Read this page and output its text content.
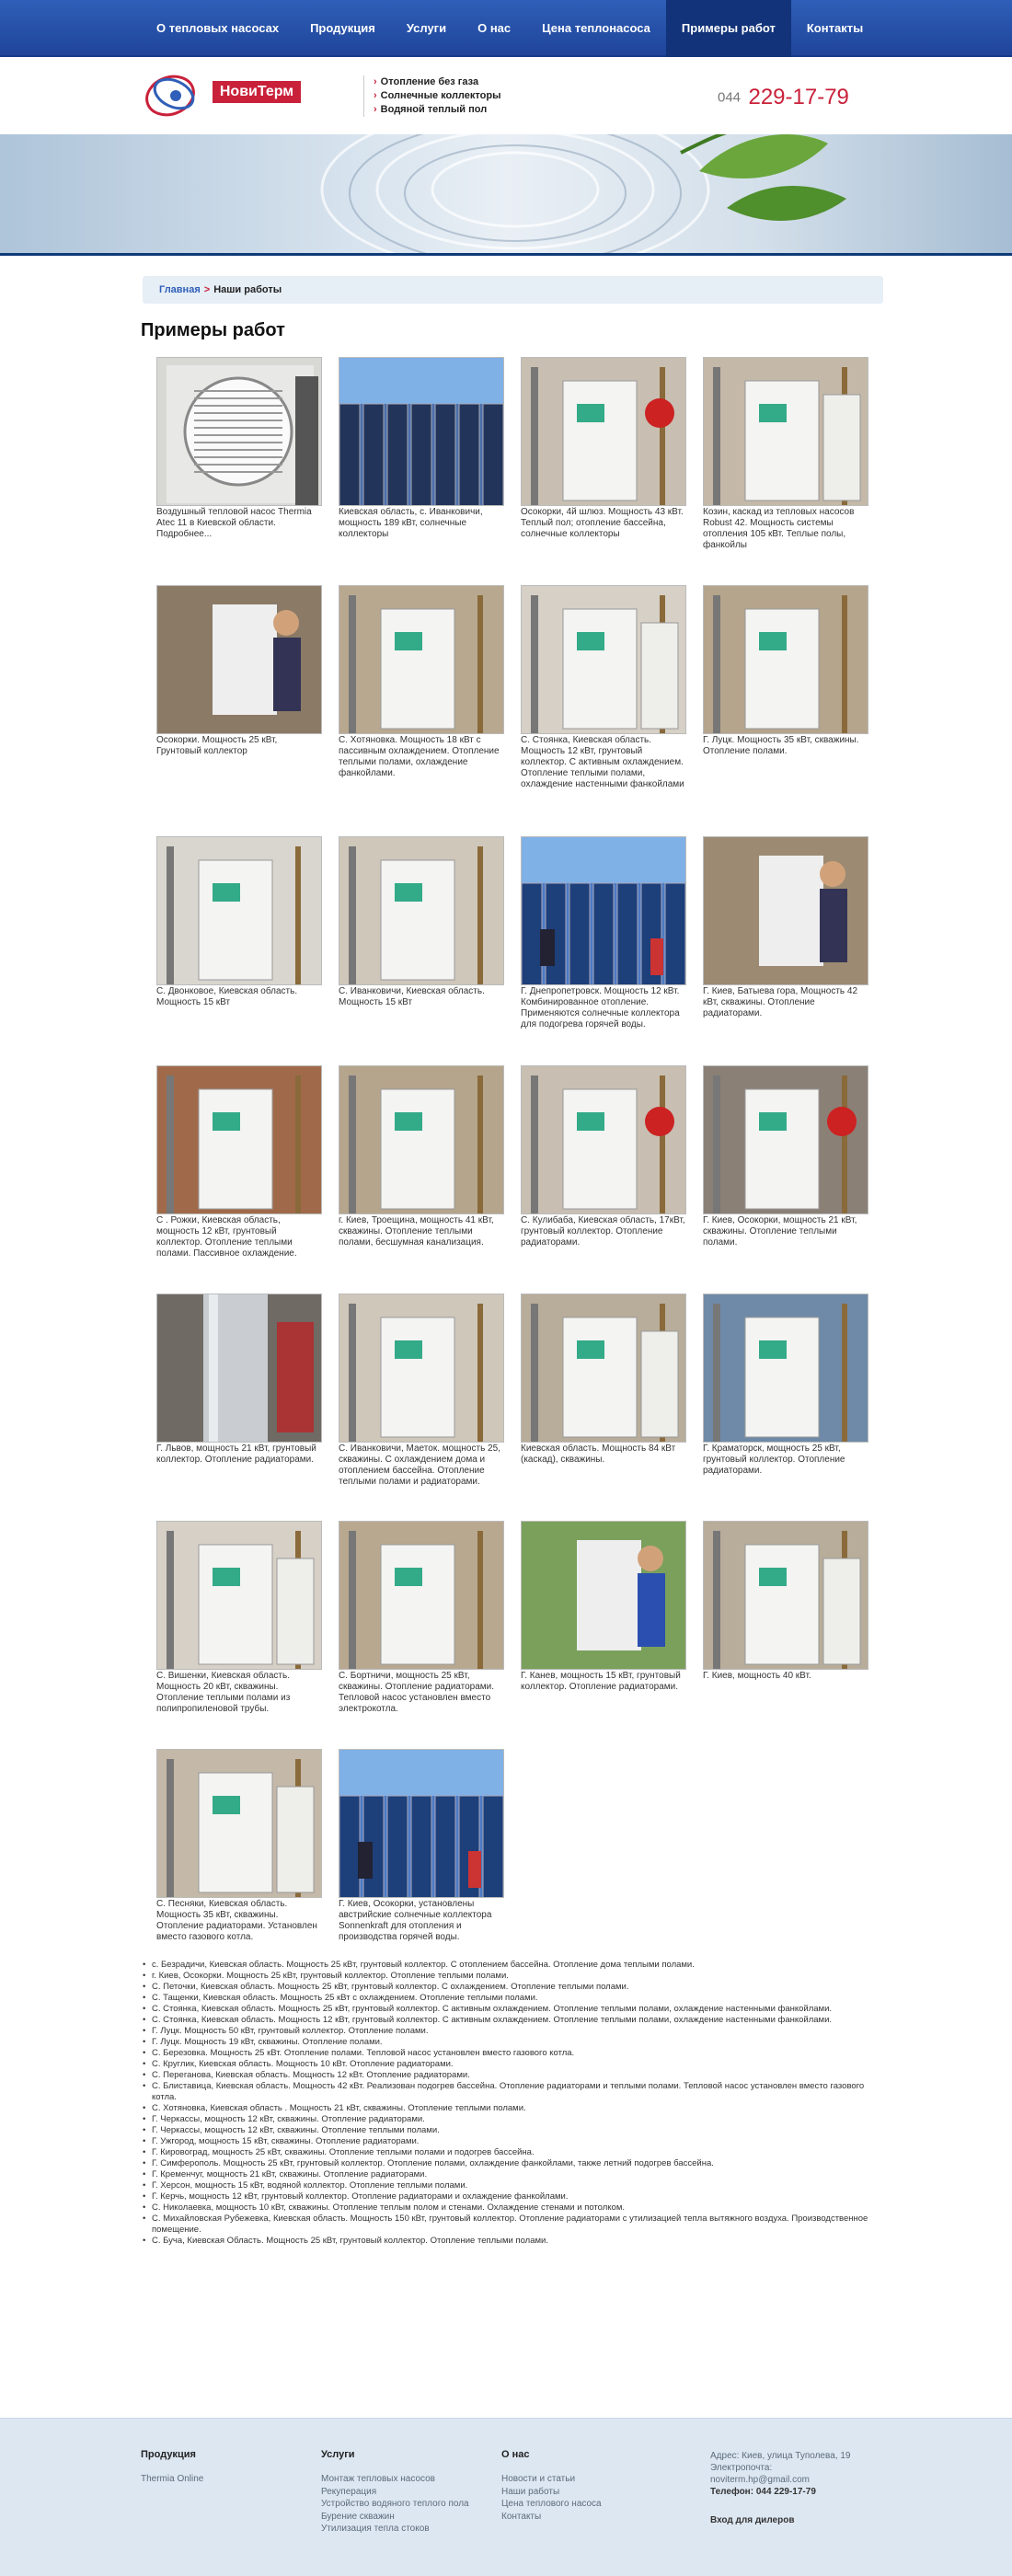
О тепловых насосах	Продукция	Услуги	О нас	Цена теплонасоса	Примеры работ	Контакты
НовиТерм
› Отопление без газа
› Солнечные коллекторы
› Водяной теплый пол
044 229-17-79
Главная > Наши работы
Примеры работ
Воздушный тепловой насос Thermia Atec 11 в Киевской области. Подробнее...
Киевская область, с. Иванковичи, мощность 189 кВт, солнечные коллекторы
Осокорки, 4й шлюз. Мощность 43 кВт. Теплый пол; отопление бассейна, солнечные коллекторы
Козин, каскад из тепловых насосов Robust 42. Мощность системы отопления 105 кВт. Теплые полы, фанкойлы
Осокорки. Мощность 25 кВт, Грунтовый коллектор
С. Хотяновка. Мощность 18 кВт с пассивным охлаждением. Отопление теплыми полами, охлаждение фанкойлами.
С. Стоянка, Киевская область. Мощность 12 кВт, грунтовый коллектор. С активным охлаждением. Отопление теплыми полами, охлаждение настенными фанкойлами
Г. Луцк. Мощность 35 кВт, скважины. Отопление полами.
С. Двонковое, Киевская область. Мощность 15 кВт
С. Иванковичи, Киевская область. Мощность 15 кВт
Г. Днепропетровск. Мощность 12 кВт. Комбинированное отопление. Применяются солнечные коллектора для подогрева горячей воды.
Г. Киев, Батыева гора, Мощность 42 кВт, скважины. Отопление радиаторами.
С . Рожки, Киевская область, мощность 12 кВт, грунтовый коллектор. Отопление теплыми полами. Пассивное охлаждение.
г. Киев, Троещина, мощность 41 кВт, скважины. Отопление теплыми полами, бесшумная канализация.
С. Кулибаба, Киевская область, 17кВт, грунтовый коллектор. Отопление радиаторами.
Г. Киев, Осокорки, мощность 21 кВт, скважины. Отопление теплыми полами.
Г. Львов, мощность 21 кВт, грунтовый коллектор. Отопление радиаторами.
С. Иванковичи, Маеток. мощность 25, скважины. С охлаждением дома и отоплением бассейна. Отопление теплыми полами и радиаторами.
Киевская область. Мощность 84 кВт (каскад), скважины.
Г. Краматорск, мощность 25 кВт, грунтовый коллектор. Отопление радиаторами.
С. Вишенки, Киевская область. Мощность 20 кВт, скважины. Отопление теплыми полами из полипропиленовой трубы.
С. Бортничи, мощность 25 кВт, скважины. Отопление радиаторами. Тепловой насос установлен вместо электрокотла.
Г. Канев, мощность 15 кВт, грунтовый коллектор. Отопление радиаторами.
Г. Киев, мощность 40 кВт.
С. Песняки, Киевская область. Мощность 35 кВт, скважины. Отопление радиаторами. Установлен вместо газового котла.
Г. Киев, Осокорки, установлены австрийские солнечные коллектора Sonnenkraft для отопления и производства горячей воды.
• с. Безрадичи, Киевская область. Мощность 25 кВт, грунтовый коллектор. С отоплением бассейна. Отопление дома теплыми полами.
• г. Киев, Осокорки. Мощность 25 кВт, грунтовый коллектор. Отопление теплыми полами.
• С. Петочки, Киевская область. Мощность 25 кВт, грунтовый коллектор. С охлаждением. Отопление теплыми полами.
• С. Тащенки, Киевская область. Мощность 25 кВт с охлаждением. Отопление теплыми полами.
• С. Стоянка, Киевская область. Мощность 25 кВт, грунтовый коллектор. С активным охлаждением. Отопление теплыми полами, охлаждение настенными фанкойлами.
• С. Стоянка, Киевская область. Мощность 12 кВт, грунтовый коллектор. С активным охлаждением. Отопление теплыми полами, охлаждение настенными фанкойлами.
• Г. Луцк. Мощность 50 кВт, грунтовый коллектор. Отопление полами.
• Г. Луцк. Мощность 19 кВт, скважины. Отопление полами.
• С. Березовка. Мощность 25 кВт. Отопление полами. Тепловой насос установлен вместо газового котла.
• С. Круглик, Киевская область. Мощность 10 кВт. Отопление радиаторами.
• С. Переганова, Киевская область. Мощность 12 кВт. Отопление радиаторами.
• С. Блиставица, Киевская область. Мощность 42 кВт. Реализован подогрев бассейна. Отопление радиаторами и теплыми полами. Тепловой насос установлен вместо газового котла.
• С. Хотяновка, Киевская область . Мощность 21 кВт, скважины. Отопление теплыми полами.
• Г. Черкассы, мощность 12 кВт, скважины. Отопление радиаторами.
• Г. Черкассы, мощность 12 кВт, скважины. Отопление теплыми полами.
• Г. Ужгород, мощность 15 кВт, скважины. Отопление радиаторами.
• Г. Кировоград, мощность 25 кВт, скважины. Отопление теплыми полами и подогрев бассейна.
• Г. Симферополь. Мощность 25 кВт, грунтовый коллектор. Отопление полами, охлаждение фанкойлами, также летний подогрев бассейна.
• Г. Кременчуг, мощность 21 кВт, скважины. Отопление радиаторами.
• Г. Херсон, мощность 15 кВт, водяной коллектор. Отопление теплыми полами.
• Г. Керчь, мощность 12 кВт, грунтовый коллектор. Отопление радиаторами и охлаждение фанкойлами.
• С. Николаевка, мощность 10 кВт, скважины. Отопление теплым полом и стенами. Охлаждение стенами и потолком.
• С. Михайловская Рубежевка, Киевская область. Мощность 150 кВт, грунтовый коллектор. Отопление радиаторами с утилизацией тепла вытяжного воздуха. Производственное помещение.
• С. Буча, Киевская Область. Мощность 25 кВт, грунтовый коллектор. Отопление теплыми полами.
Продукция
Thermia Online
Услуги
Монтаж тепловых насосов
Рекуперация
Устройство водяного теплого пола
Бурение скважин
Утилизация тепла стоков
О нас
Новости и статьи
Наши работы
Цена теплового насоса
Контакты
Адрес: Киев, улица Туполева, 19
Электропочта:
noviterm.hp@gmail.com
Телефон: 044 229-17-79
Вход для дилеров
